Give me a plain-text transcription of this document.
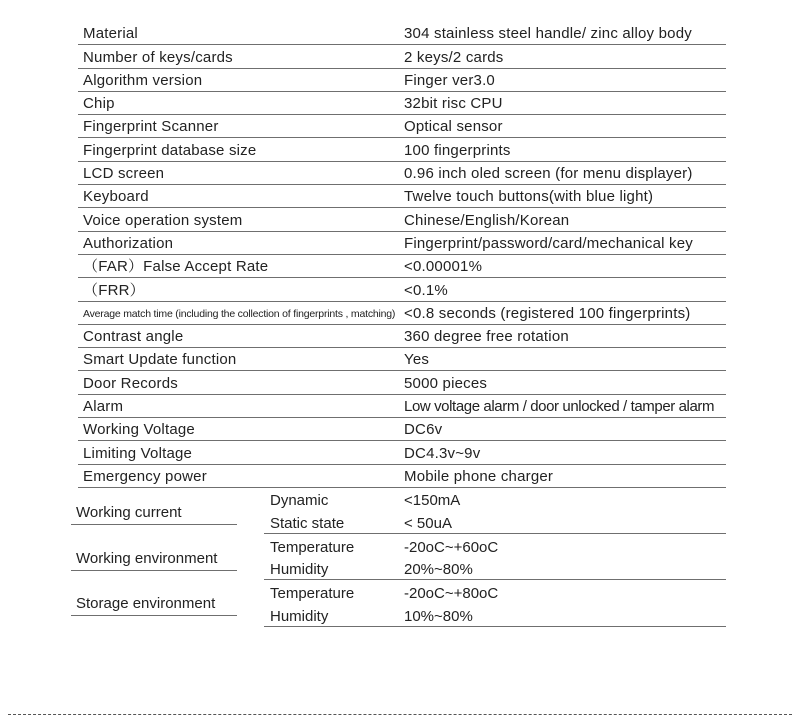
Material	304 stainless steel handle/ zinc alloy body
Number of keys/cards	2 keys/2 cards
Algorithm version	Finger ver3.0
Chip	32bit risc CPU
Fingerprint Scanner	Optical sensor
Fingerprint database size	100 fingerprints
LCD screen	0.96 inch oled screen (for menu displayer)
Keyboard	Twelve touch buttons(with blue light)
Voice operation system	Chinese/English/Korean
Authorization	Fingerprint/password/card/mechanical key
（FAR）False Accept Rate	<0.00001%
（FRR）	<0.1%
Average match time (including the collection of fingerprints , matching) <0.8 seconds (registered 100 fingerprints)
Contrast angle	360 degree free rotation
Smart Update function	Yes
Door Records	5000 pieces
Alarm	Low voltage alarm / door unlocked / tamper alarm
Working Voltage	DC6v
Limiting Voltage	DC4.3v~9v
Emergency power	Mobile phone charger
Working current
Dynamic	<150mA
Static state	< 50uA
Working environment
Temperature	-20oC~+60oC
Humidity	20%~80%
Storage environment
Temperature	-20oC~+80oC
Humidity	10%~80%
